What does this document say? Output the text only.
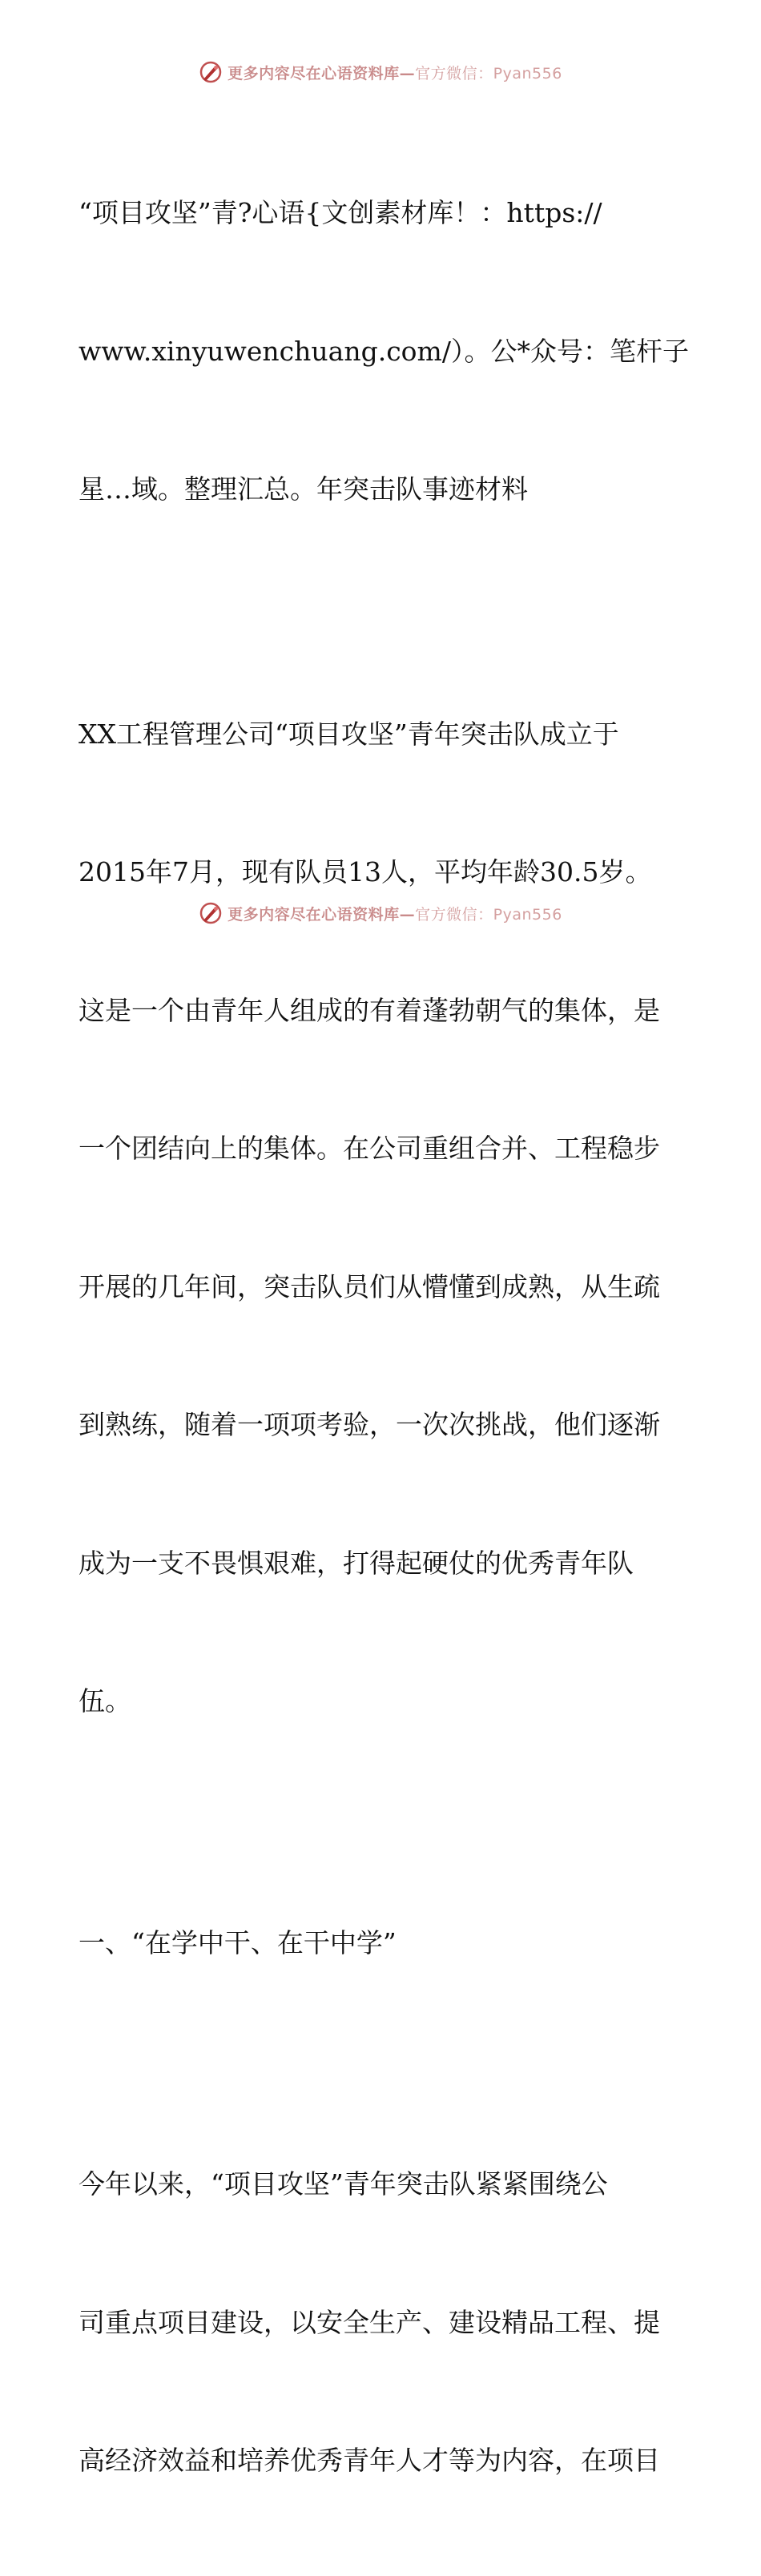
更多内容尽在心语资料库—官方微信：Pyan556

“项目攻坚”青?心语{文创素材库！：https://

www.xinyuwenchuang.com/）。公*众号：笔杆子

星…域。整理汇总。年突击队事迹材料

XX工程管理公司“项目攻坚”青年突击队成立于

2015年7月，现有队员13人，平均年龄30.5岁。

这是一个由青年人组成的有着蓬勃朝气的集体，是

一个团结向上的集体。在公司重组合并、工程稳步

开展的几年间，突击队员们从懵懂到成熟，从生疏

到熟练，随着一项项考验，一次次挑战，他们逐渐

成为一支不畏惧艰难，打得起硬仗的优秀青年队

伍。

一、“在学中干、在干中学”

今年以来，“项目攻坚”青年突击队紧紧围绕公

司重点项目建设，以安全生产、建设精品工程、提

高经济效益和培养优秀青年人才等为内容，在项目

更多内容尽在心语资料库—官方微信：Pyan556
